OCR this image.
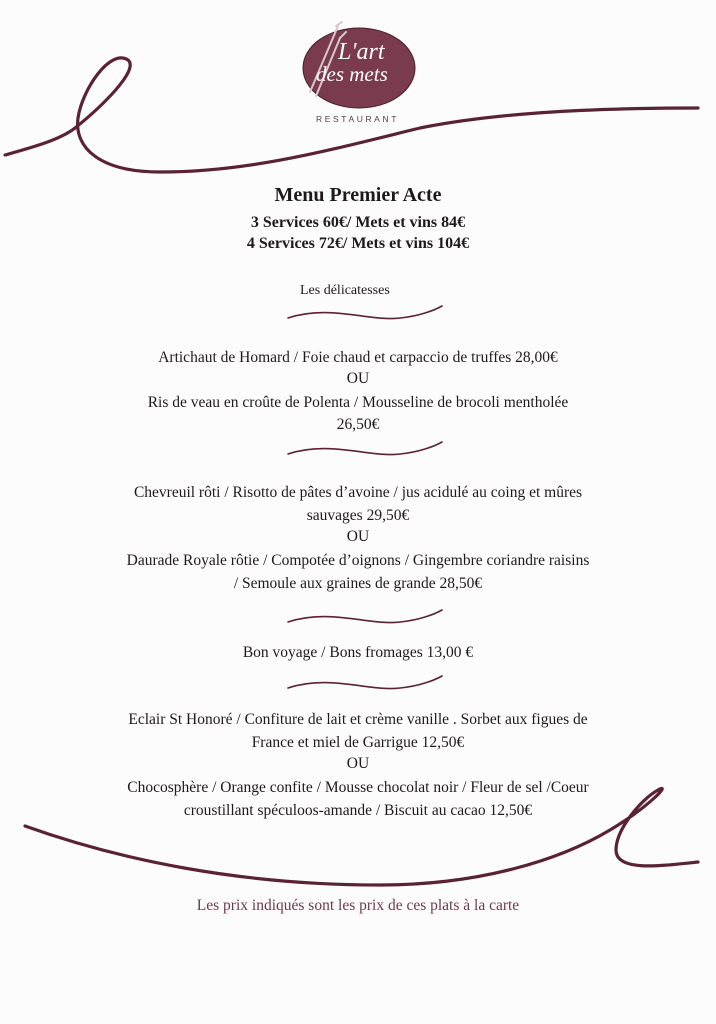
L'art
des mets
RESTAURANT
Menu Premier Acte
3 Services 60€/ Mets et vins 84€
4 Services 72€/ Mets et vins 104€
Les délicatesses
Artichaut de Homard / Foie chaud et carpaccio de truffes 28,00€
OU
Ris de veau en croûte de Polenta / Mousseline de brocoli mentholée
26,50€
Chevreuil rôti / Risotto de pâtes d’avoine / jus acidulé au coing et mûres
sauvages 29,50€
OU
Daurade Royale rôtie / Compotée d’oignons / Gingembre coriandre raisins
/ Semoule aux graines de grande 28,50€
Bon voyage / Bons fromages 13,00 €
Eclair St Honoré / Confiture de lait et crème vanille . Sorbet aux figues de
France et miel de Garrigue 12,50€
OU
Chocosphère / Orange confite / Mousse chocolat noir / Fleur de sel /Coeur
croustillant spéculoos-amande / Biscuit au cacao 12,50€
Les prix indiqués sont les prix de ces plats à la carte
